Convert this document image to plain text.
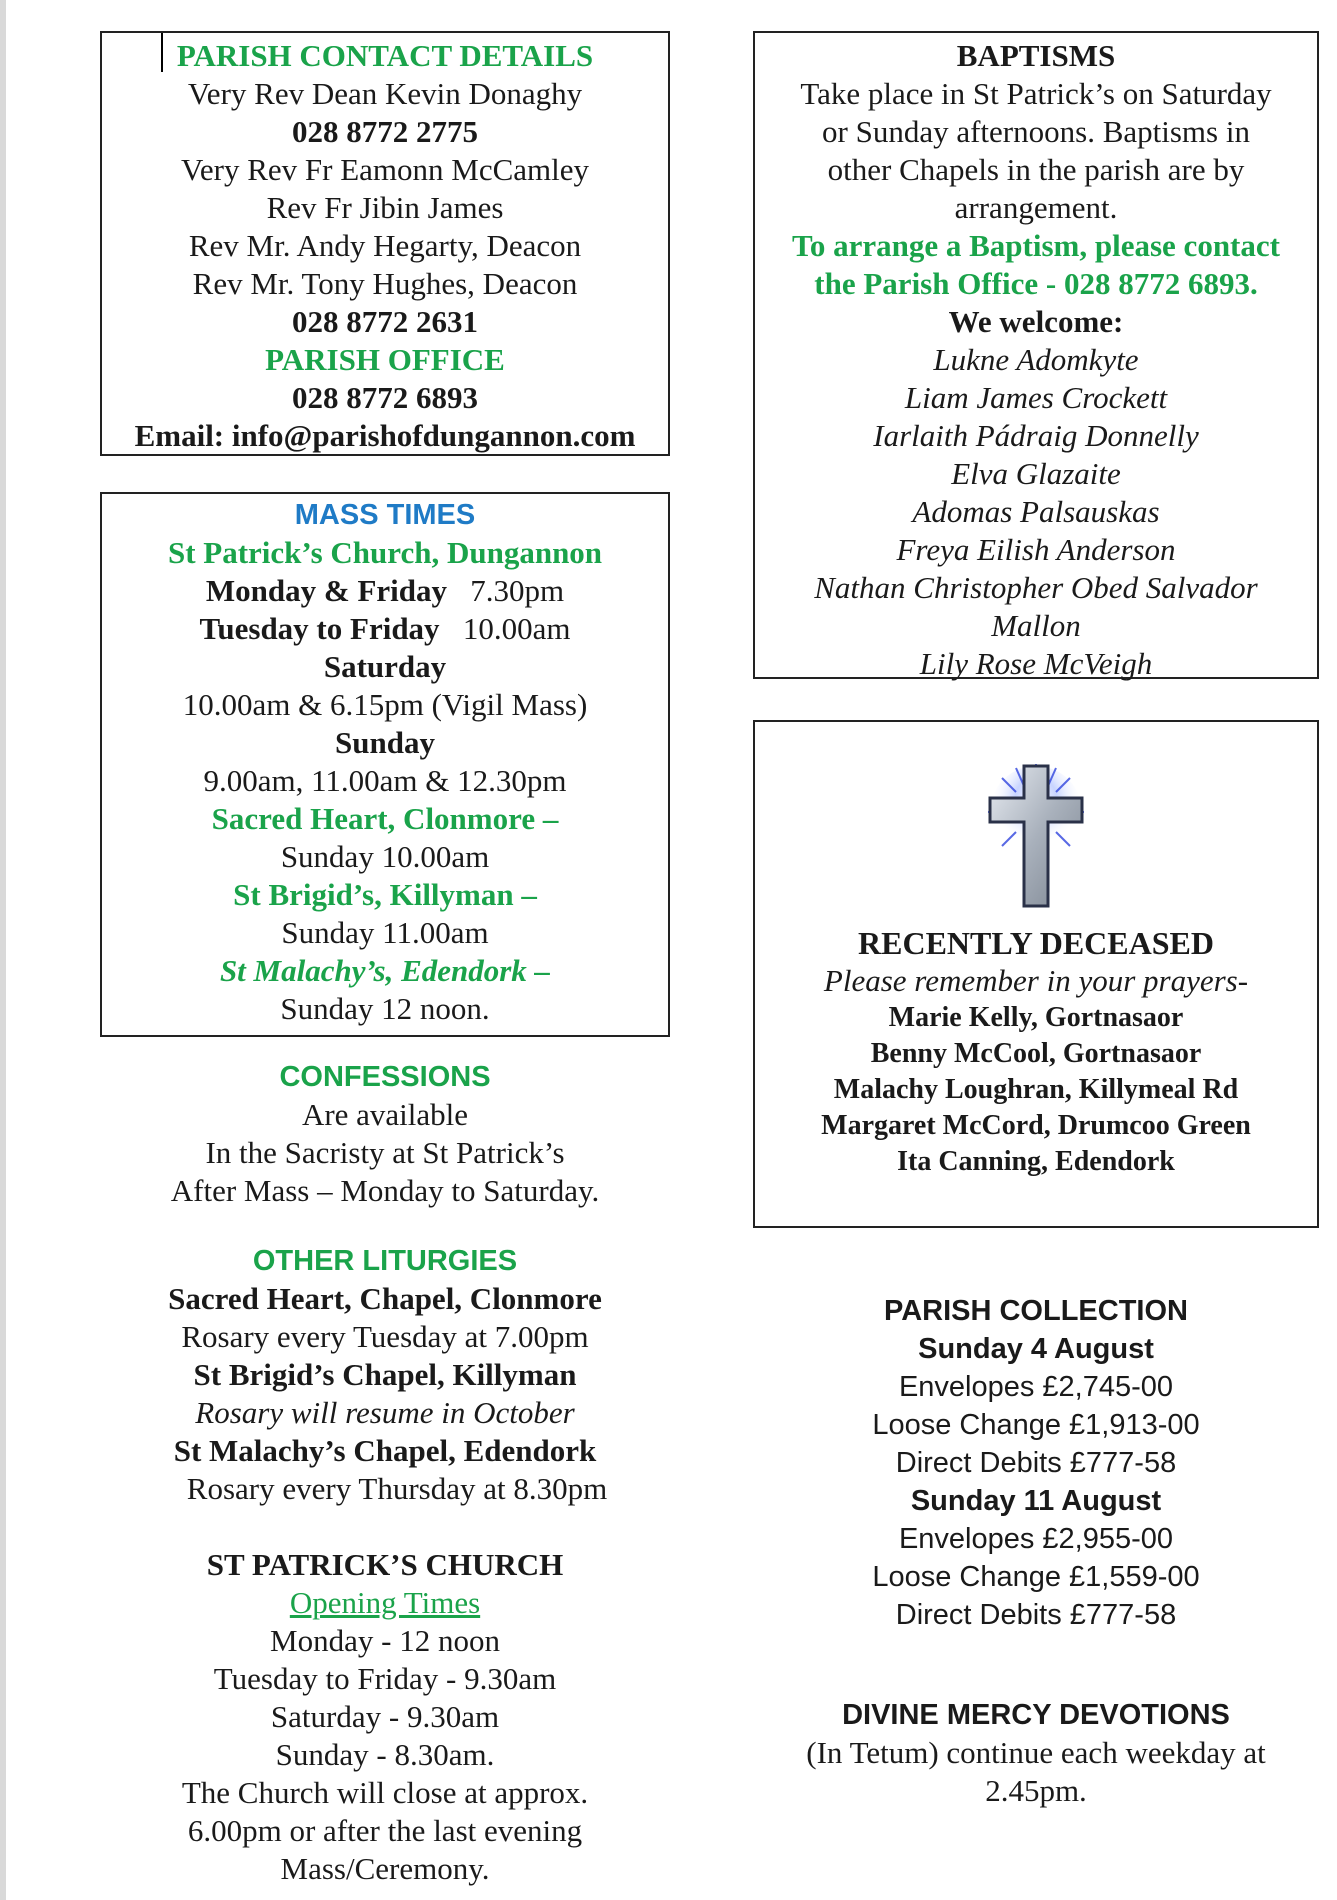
PARISH CONTACT DETAILS
Very Rev Dean Kevin Donaghy
028 8772 2775
Very Rev Fr Eamonn McCamley
Rev Fr Jibin James
Rev Mr. Andy Hegarty, Deacon
Rev Mr. Tony Hughes, Deacon
028 8772 2631
PARISH OFFICE
028 8772 6893
Email: info@parishofdungannon.com
MASS TIMES
St Patrick’s Church, Dungannon
Monday & Friday 7.30pm
Tuesday to Friday 10.00am
Saturday
10.00am & 6.15pm (Vigil Mass)
Sunday
9.00am, 11.00am & 12.30pm
Sacred Heart, Clonmore –
Sunday 10.00am
St Brigid’s, Killyman –
Sunday 11.00am
St Malachy’s, Edendork –
Sunday 12 noon.
CONFESSIONS
Are available
In the Sacristy at St Patrick’s
After Mass – Monday to Saturday.
OTHER LITURGIES
Sacred Heart, Chapel, Clonmore
Rosary every Tuesday at 7.00pm
St Brigid’s Chapel, Killyman
Rosary will resume in October
St Malachy’s Chapel, Edendork
Rosary every Thursday at 8.30pm
ST PATRICK’S CHURCH
Opening Times
Monday - 12 noon
Tuesday to Friday - 9.30am
Saturday - 9.30am
Sunday - 8.30am.
The Church will close at approx.
6.00pm or after the last evening
Mass/Ceremony.
BAPTISMS
Take place in St Patrick’s on Saturday
or Sunday afternoons. Baptisms in
other Chapels in the parish are by
arrangement.
To arrange a Baptism, please contact
the Parish Office - 028 8772 6893.
We welcome:
Lukne Adomkyte
Liam James Crockett
Iarlaith Pádraig Donnelly
Elva Glazaite
Adomas Palsauskas
Freya Eilish Anderson
Nathan Christopher Obed Salvador
Mallon
Lily Rose McVeigh
RECENTLY DECEASED
Please remember in your prayers-
Marie Kelly, Gortnasaor
Benny McCool, Gortnasaor
Malachy Loughran, Killymeal Rd
Margaret McCord, Drumcoo Green
Ita Canning, Edendork
PARISH COLLECTION
Sunday 4 August
Envelopes £2,745-00
Loose Change £1,913-00
Direct Debits £777-58
Sunday 11 August
Envelopes £2,955-00
Loose Change £1,559-00
Direct Debits £777-58
DIVINE MERCY DEVOTIONS
(In Tetum) continue each weekday at
2.45pm.
